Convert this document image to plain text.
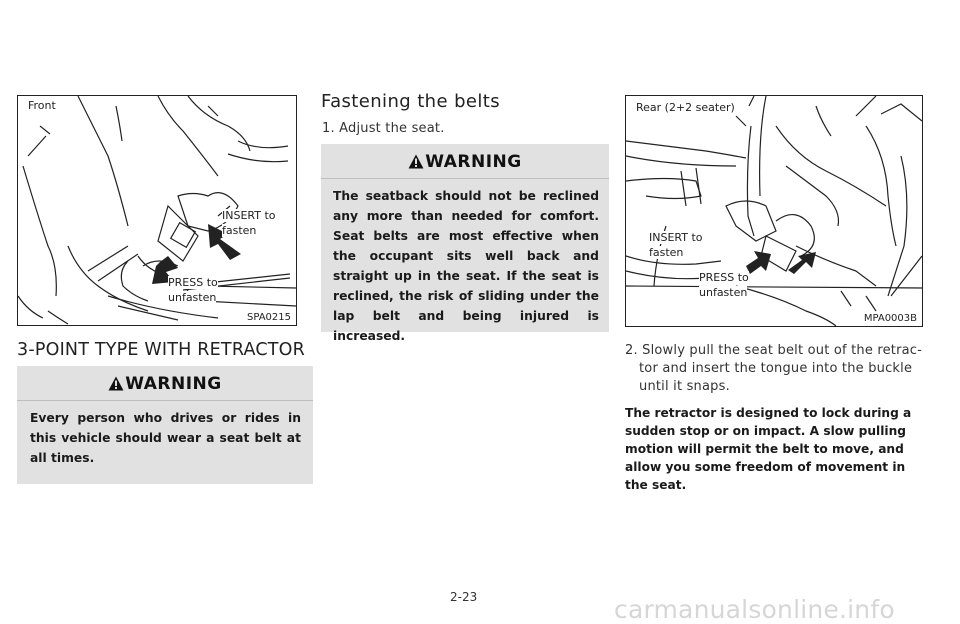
Front
INSERT to
fasten
PRESS to
unfasten
SPA0215
3-POINT TYPE WITH RETRACTOR
WARNING
Every person who drives or rides in this vehicle should wear a seat belt at all times.
Fastening the belts
1. Adjust the seat.
WARNING
The seatback should not be reclined any more than needed for comfort. Seat belts are most effective when the occupant sits well back and straight up in the seat. If the seat is reclined, the risk of sliding under the lap belt and being injured is increased.
Rear (2+2 seater)
INSERT to
fasten
PRESS to
unfasten
MPA0003B
2. Slowly pull the seat belt out of the retrac-
tor and insert the tongue into the buckle
until it snaps.
The retractor is designed to lock during a sudden stop or on impact. A slow pulling motion will permit the belt to move, and allow you some freedom of movement in the seat.
2-23	carmanualsonline.info
